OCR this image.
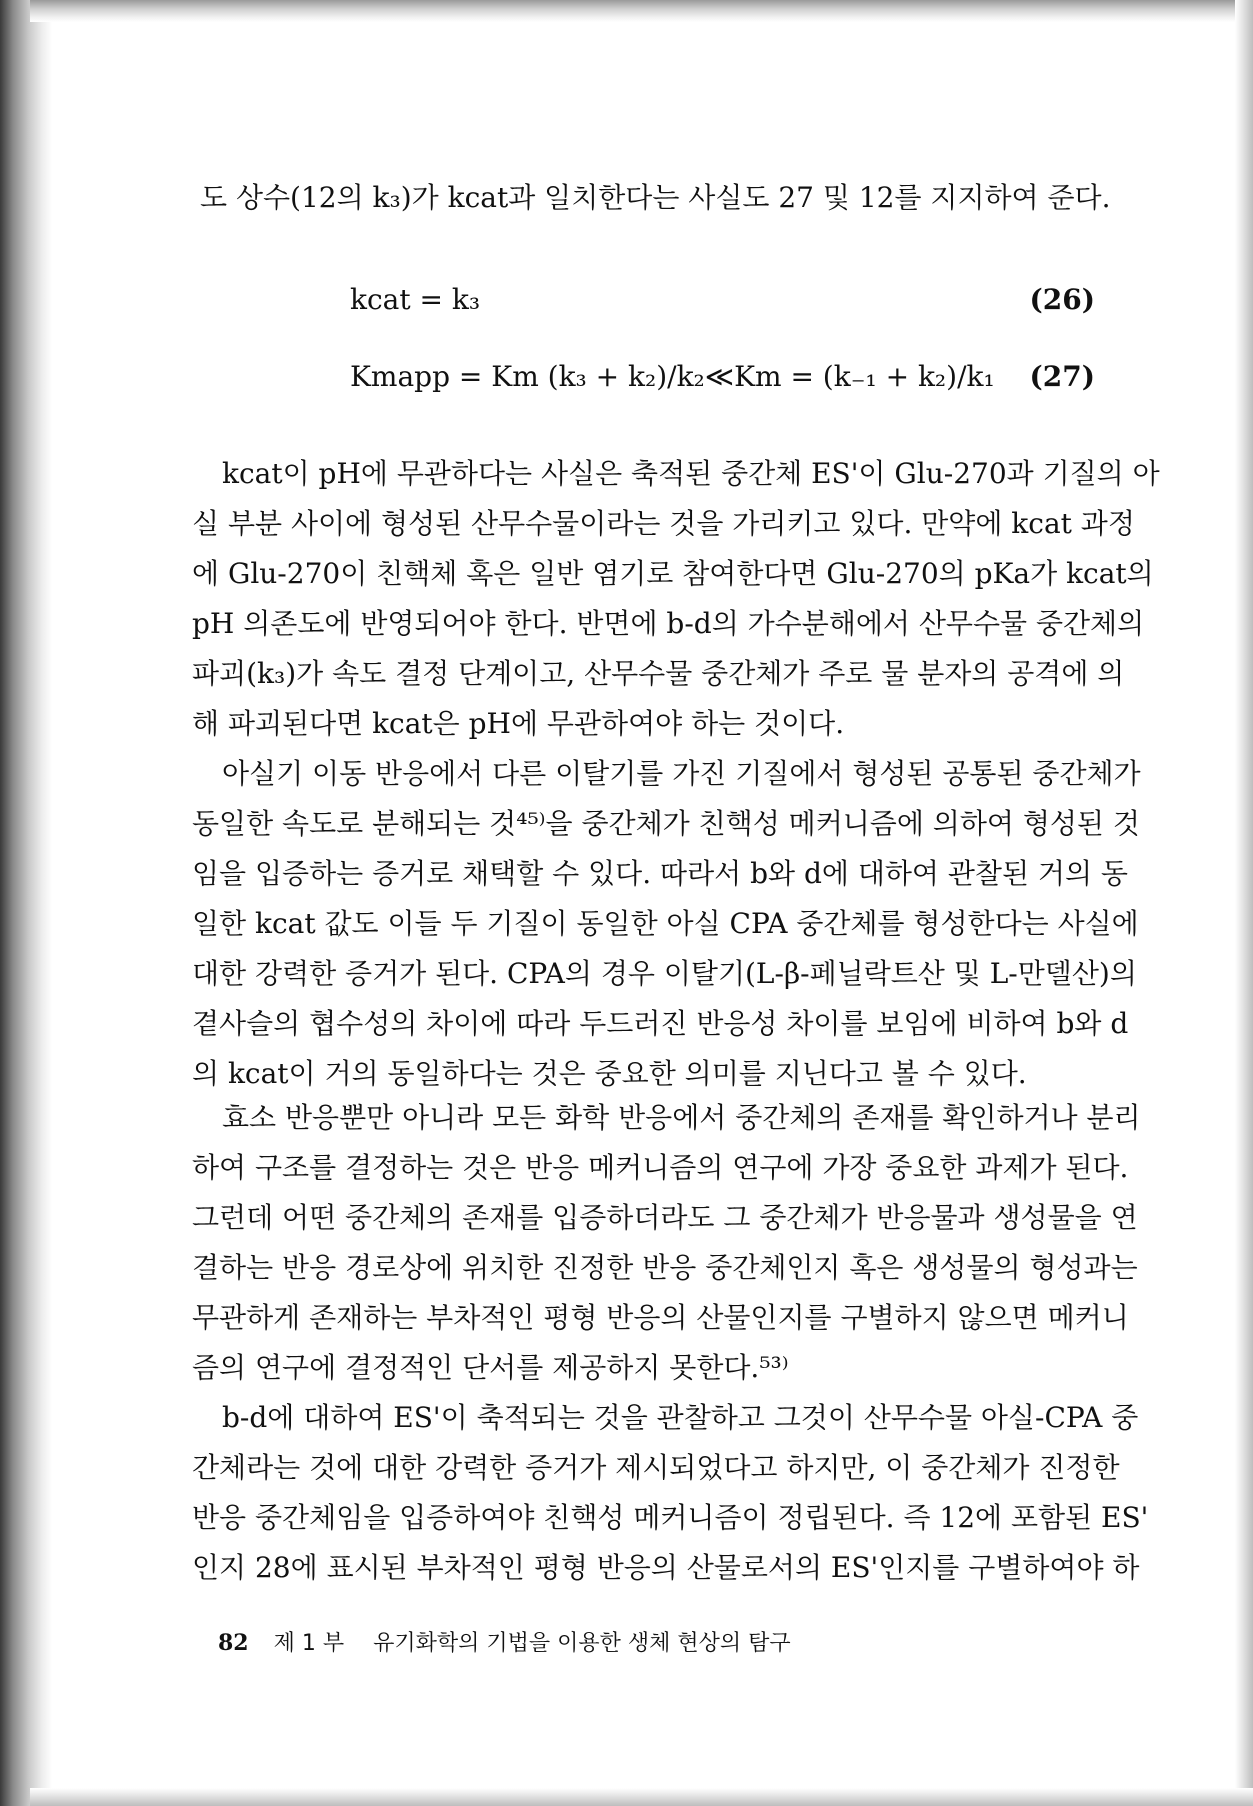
도 상수(12의 k₃)가 kcat과 일치한다는 사실도 27 및 12를 지지하여 준다.
kcat = k₃	(26)
Kmapp = Km (k₃ + k₂)/k₂≪Km = (k₋₁ + k₂)/k₁ (27)
kcat이 pH에 무관하다는 사실은 축적된 중간체 ES'이 Glu-270과 기질의 아
실 부분 사이에 형성된 산무수물이라는 것을 가리키고 있다. 만약에 kcat 과정
에 Glu-270이 친핵체 혹은 일반 염기로 참여한다면 Glu-270의 pKa가 kcat의
pH 의존도에 반영되어야 한다. 반면에 b-d의 가수분해에서 산무수물 중간체의
파괴(k₃)가 속도 결정 단계이고, 산무수물 중간체가 주로 물 분자의 공격에 의
해 파괴된다면 kcat은 pH에 무관하여야 하는 것이다.
아실기 이동 반응에서 다른 이탈기를 가진 기질에서 형성된 공통된 중간체가
동일한 속도로 분해되는 것⁴⁵⁾을 중간체가 친핵성 메커니즘에 의하여 형성된 것
임을 입증하는 증거로 채택할 수 있다. 따라서 b와 d에 대하여 관찰된 거의 동
일한 kcat 값도 이들 두 기질이 동일한 아실 CPA 중간체를 형성한다는 사실에
대한 강력한 증거가 된다. CPA의 경우 이탈기(L-β-페닐락트산 및 L-만델산)의
곁사슬의 협수성의 차이에 따라 두드러진 반응성 차이를 보임에 비하여 b와 d
의 kcat이 거의 동일하다는 것은 중요한 의미를 지닌다고 볼 수 있다.
효소 반응뿐만 아니라 모든 화학 반응에서 중간체의 존재를 확인하거나 분리
하여 구조를 결정하는 것은 반응 메커니즘의 연구에 가장 중요한 과제가 된다.
그런데 어떤 중간체의 존재를 입증하더라도 그 중간체가 반응물과 생성물을 연
결하는 반응 경로상에 위치한 진정한 반응 중간체인지 혹은 생성물의 형성과는
무관하게 존재하는 부차적인 평형 반응의 산물인지를 구별하지 않으면 메커니
즘의 연구에 결정적인 단서를 제공하지 못한다.⁵³⁾
b-d에 대하여 ES'이 축적되는 것을 관찰하고 그것이 산무수물 아실-CPA 중
간체라는 것에 대한 강력한 증거가 제시되었다고 하지만, 이 중간체가 진정한
반응 중간체임을 입증하여야 친핵성 메커니즘이 정립된다. 즉 12에 포함된 ES'
인지 28에 표시된 부차적인 평형 반응의 산물로서의 ES'인지를 구별하여야 하
82 제 1 부 유기화학의 기법을 이용한 생체 현상의 탐구
